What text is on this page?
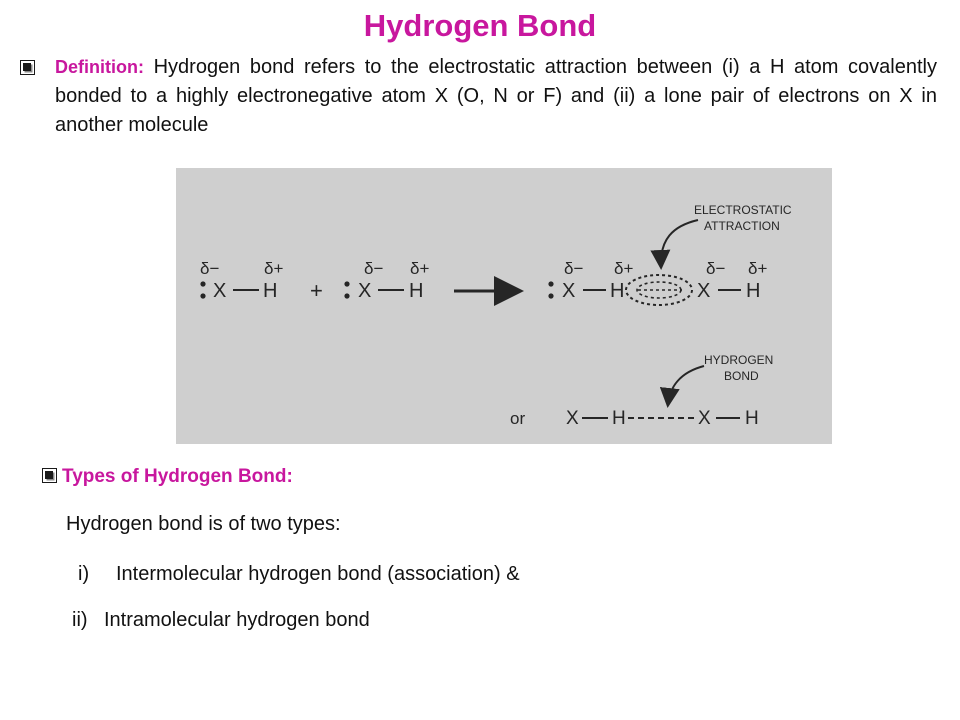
Hydrogen Bond

Definition: Hydrogen bond refers to the electrostatic attraction between (i) a H atom covalently bonded to a highly electronegative atom X (O, N or F) and (ii) a lone pair of electrons on X in another molecule

δ−
X
δ+
H +
δ−
X
δ+
H
δ−
X
δ+
H
δ−
X
δ+
H
ELECTROSTATIC
ATTRACTION
HYDROGEN
BOND
or X H	X H
Types of Hydrogen Bond:
Hydrogen bond is of two types:
i) Intermolecular hydrogen bond (association) &
ii) Intramolecular hydrogen bond
